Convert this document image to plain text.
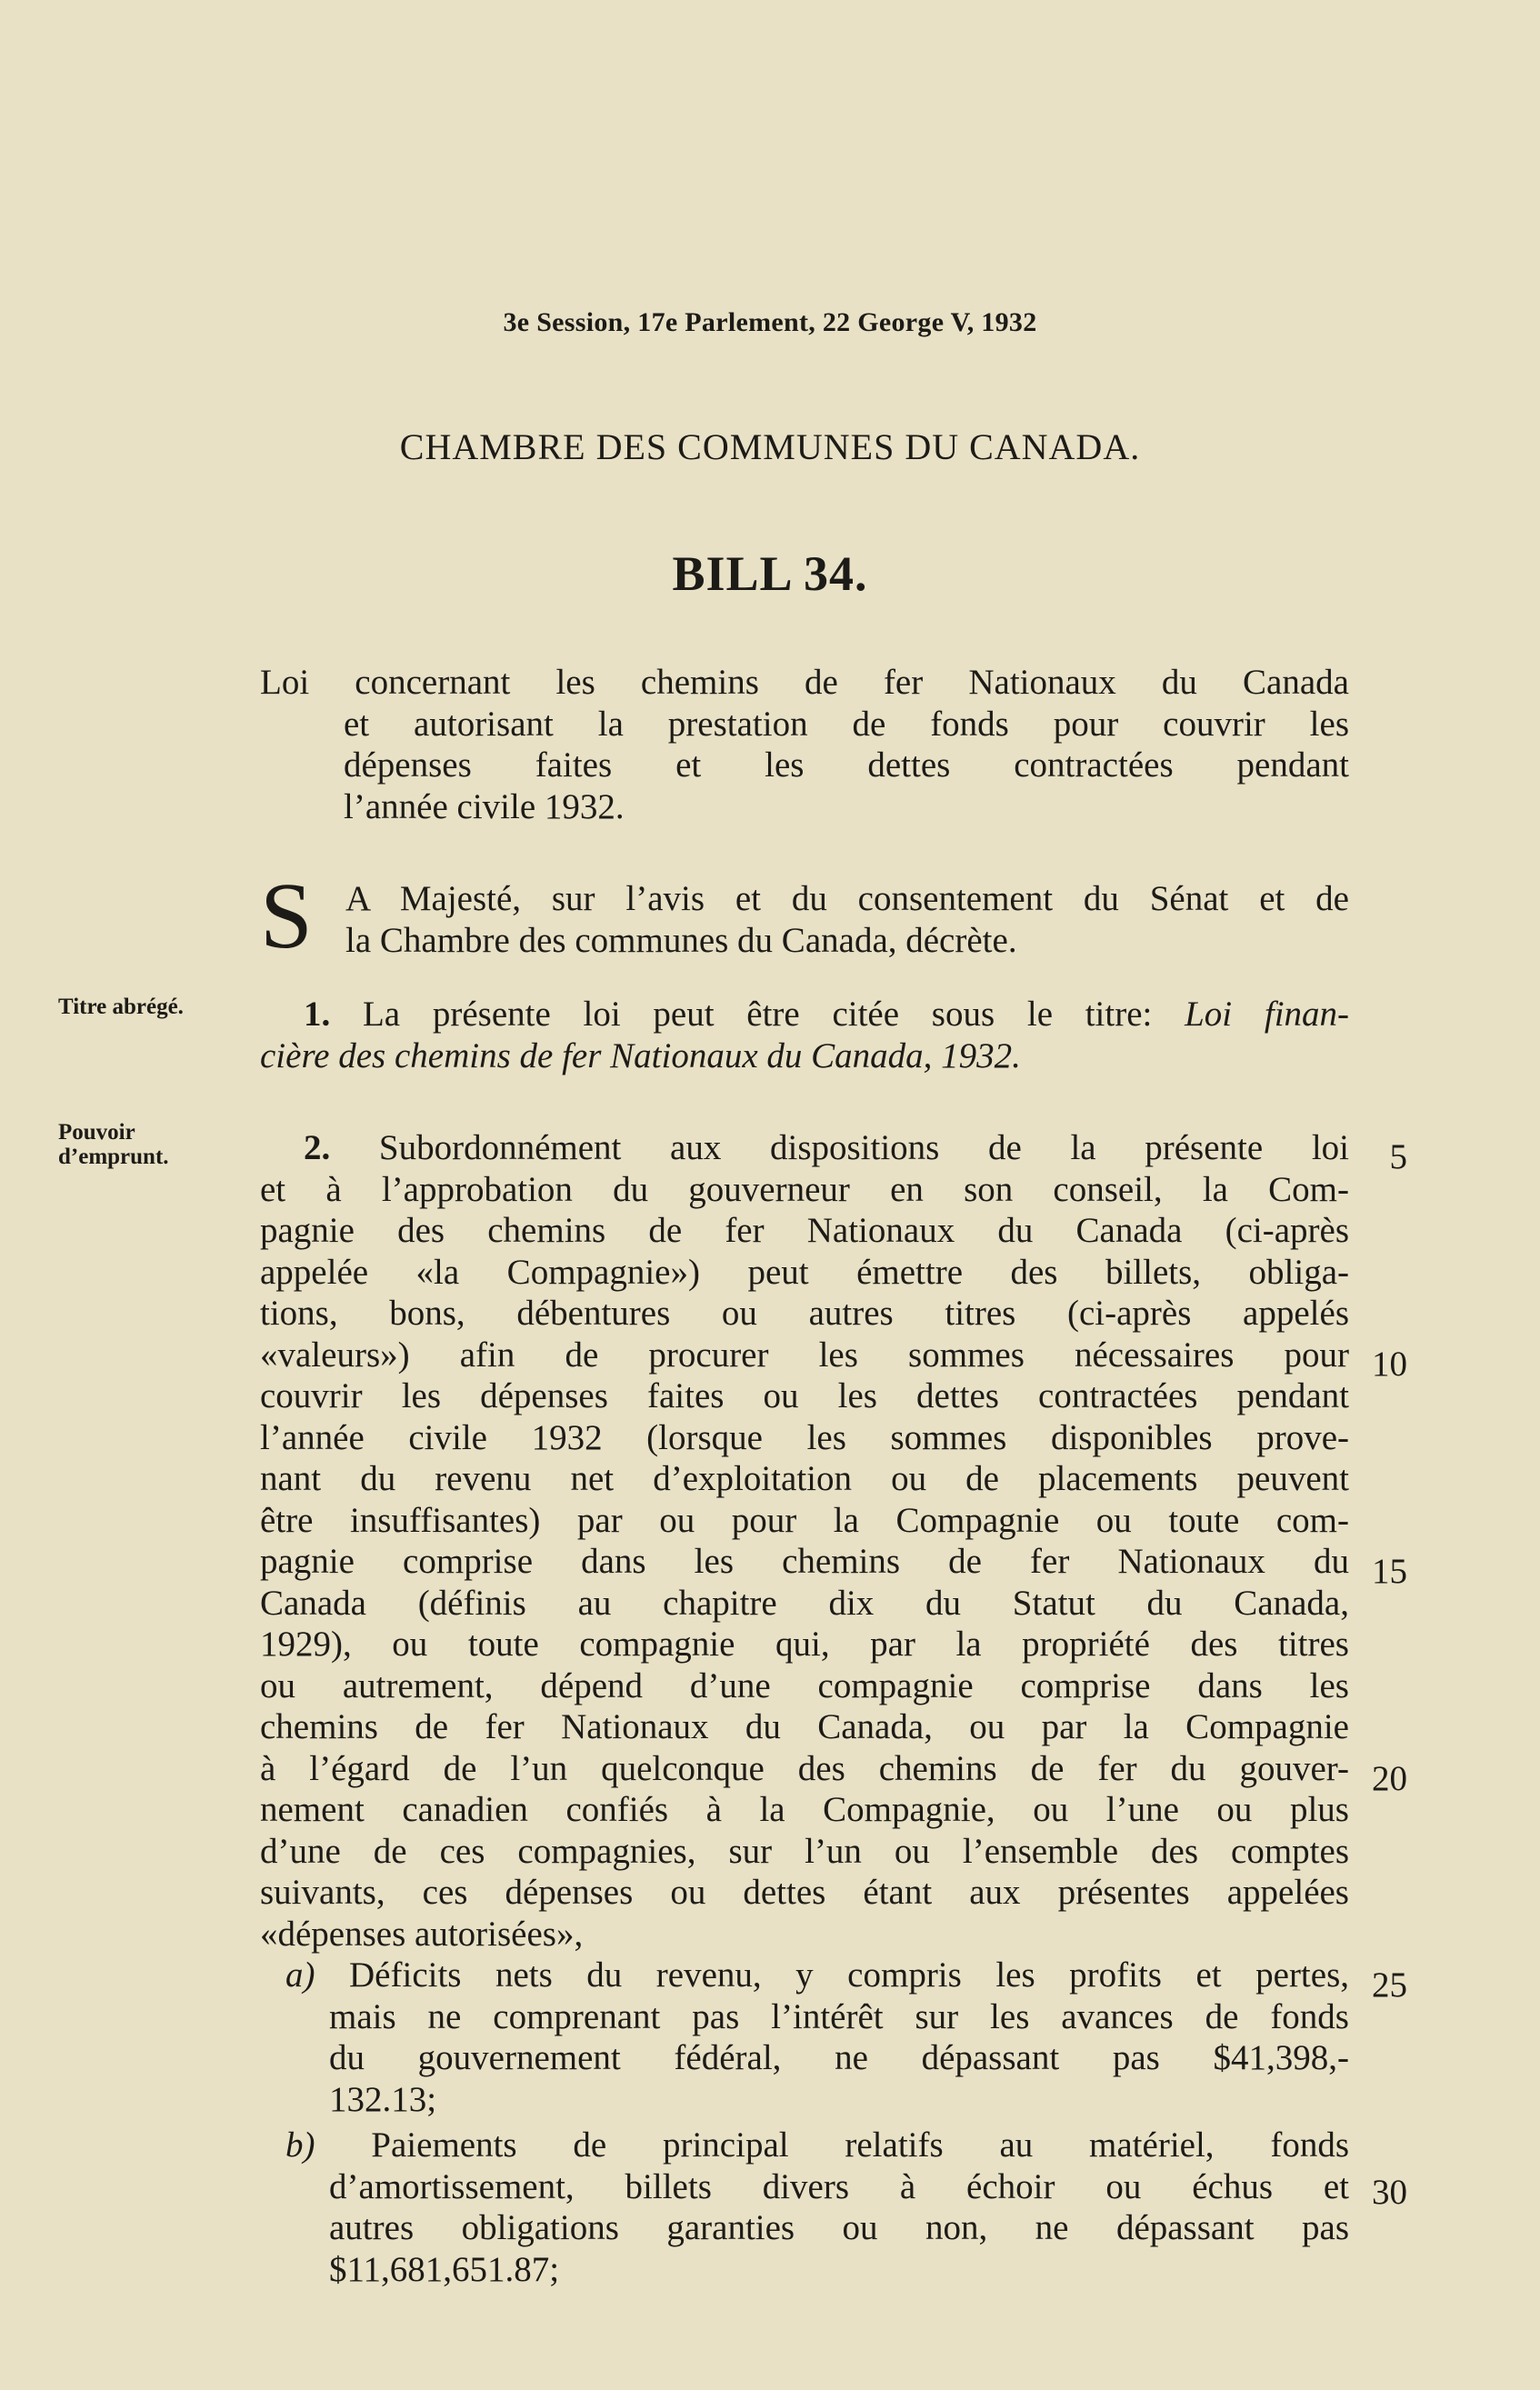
3e Session, 17e Parlement, 22 George V, 1932
CHAMBRE DES COMMUNES DU CANADA.
BILL 34.
Loi concernant les chemins de fer Nationaux du Canada
et autorisant la prestation de fonds pour couvrir les
dépenses faites et les dettes contractées pendant
l’année civile 1932.
S A Majesté, sur l’avis et du consentement du Sénat et de
la Chambre des communes du Canada, décrète.
Titre abrégé.
Pouvoir
d’emprunt.
1. La présente loi peut être citée sous le titre: Loi finan-
cière des chemins de fer Nationaux du Canada, 1932.
2. Subordonnément aux dispositions de la présente loi
et à l’approbation du gouverneur en son conseil, la Com-
pagnie des chemins de fer Nationaux du Canada (ci-après
appelée «la Compagnie») peut émettre des billets, obliga-
tions, bons, débentures ou autres titres (ci-après appelés
«valeurs») afin de procurer les sommes nécessaires pour
couvrir les dépenses faites ou les dettes contractées pendant
l’année civile 1932 (lorsque les sommes disponibles prove-
nant du revenu net d’exploitation ou de placements peuvent
être insuffisantes) par ou pour la Compagnie ou toute com-
pagnie comprise dans les chemins de fer Nationaux du
Canada (définis au chapitre dix du Statut du Canada,
1929), ou toute compagnie qui, par la propriété des titres
ou autrement, dépend d’une compagnie comprise dans les
chemins de fer Nationaux du Canada, ou par la Compagnie
à l’égard de l’un quelconque des chemins de fer du gouver-
nement canadien confiés à la Compagnie, ou l’une ou plus
d’une de ces compagnies, sur l’un ou l’ensemble des comptes
suivants, ces dépenses ou dettes étant aux présentes appelées
«dépenses autorisées»,
a) Déficits nets du revenu, y compris les profits et pertes,
mais ne comprenant pas l’intérêt sur les avances de fonds
du gouvernement fédéral, ne dépassant pas $41,398,-
132.13;
b) Paiements de principal relatifs au matériel, fonds
d’amortissement, billets divers à échoir ou échus et
autres obligations garanties ou non, ne dépassant pas
$11,681,651.87;
5
10
15
20
25
30
